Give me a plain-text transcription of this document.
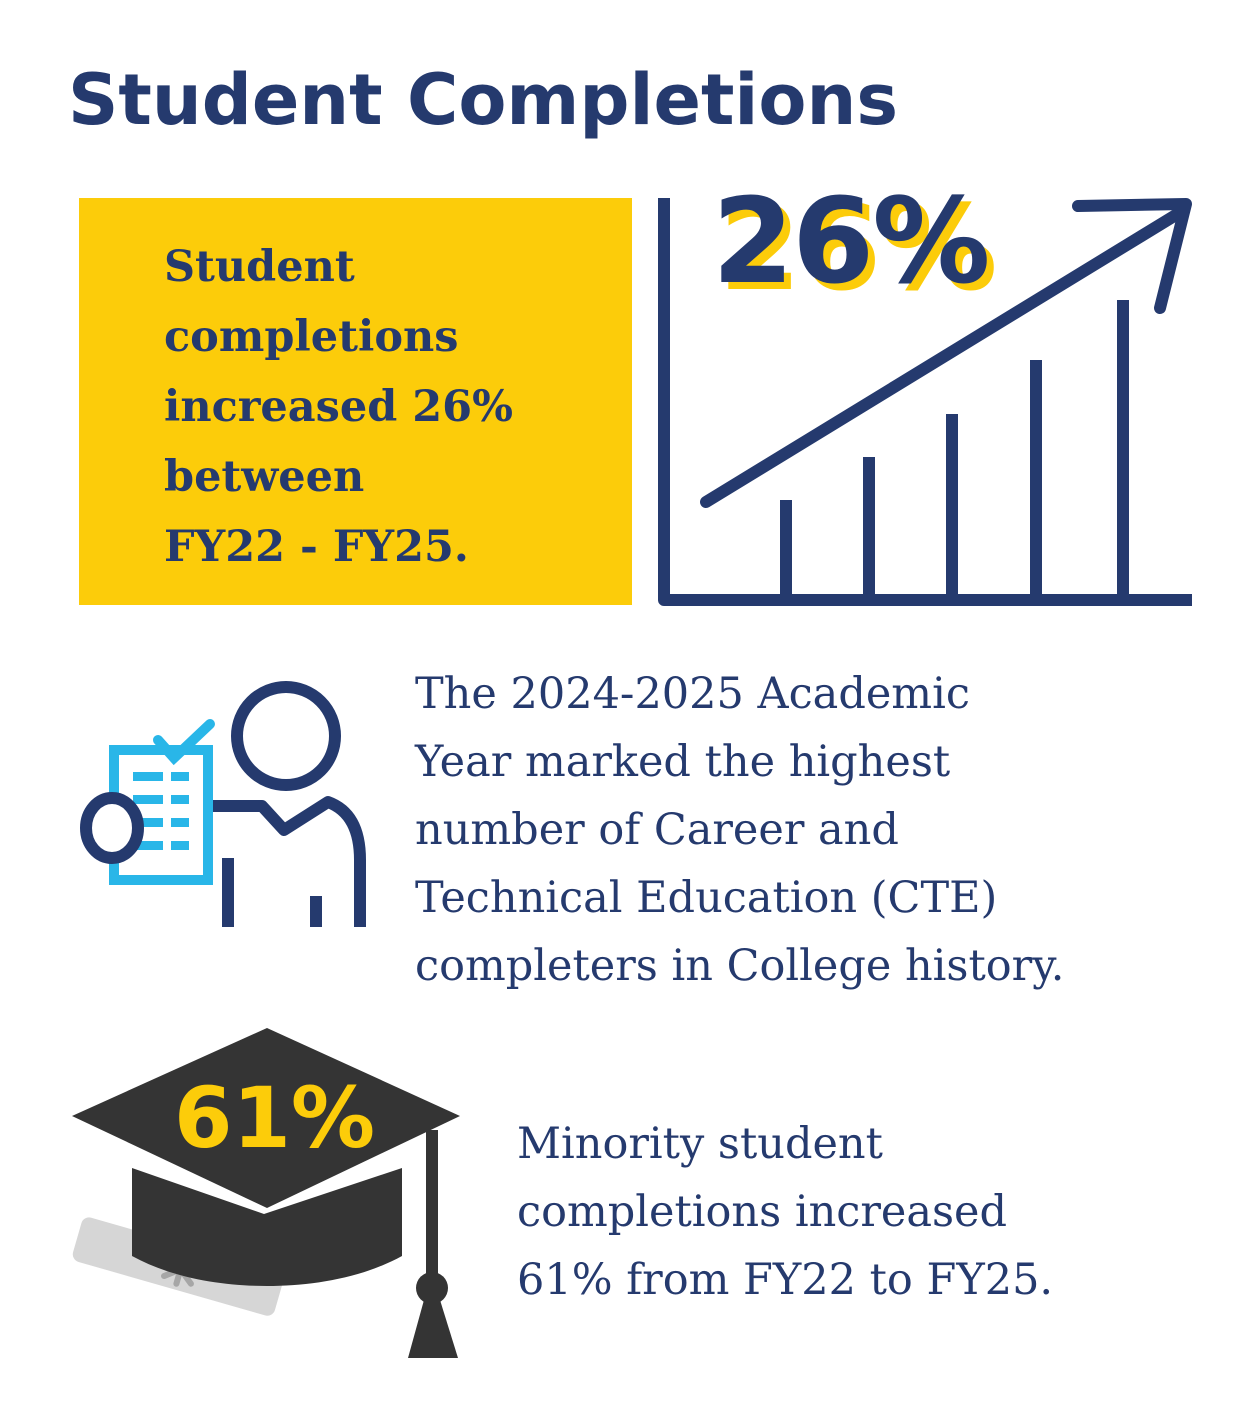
Student Completions
Student
completions
increased 26%
between
FY22 - FY25.
26%
The 2024-2025 Academic
Year marked the highest
number of Career and
Technical Education (CTE)
completers in College history.
61%	Minority student
completions increased
61% from FY22 to FY25.
